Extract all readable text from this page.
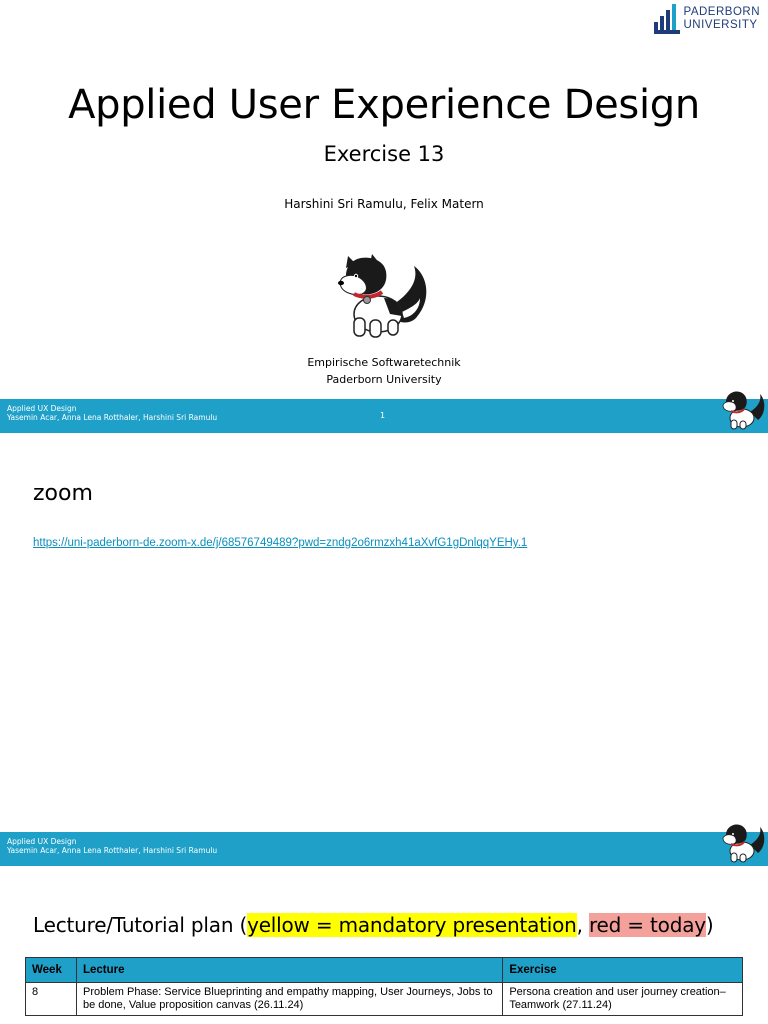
PADERBORN
UNIVERSITY
Applied User Experience Design
Exercise 13
Harshini Sri Ramulu, Felix Matern
Empirische Softwaretechnik
Paderborn University
Applied UX Design
Yasemin Acar, Anna Lena Rotthaler, Harshini Sri Ramulu	1
zoom
https://uni-paderborn-de.zoom-x.de/j/68576749489?pwd=zndg2o6rmzxh41aXvfG1gDnlqqYEHy.1
Applied UX Design
Yasemin Acar, Anna Lena Rotthaler, Harshini Sri Ramulu
Lecture/Tutorial plan (yellow = mandatory presentation, red = today)
Week	Lecture	Exercise
8	Problem Phase: Service Blueprinting and empathy mapping, User Journeys, Jobs to be done, Value proposition canvas (26.11.24)	Persona creation and user journey creation–Teamwork (27.11.24)
